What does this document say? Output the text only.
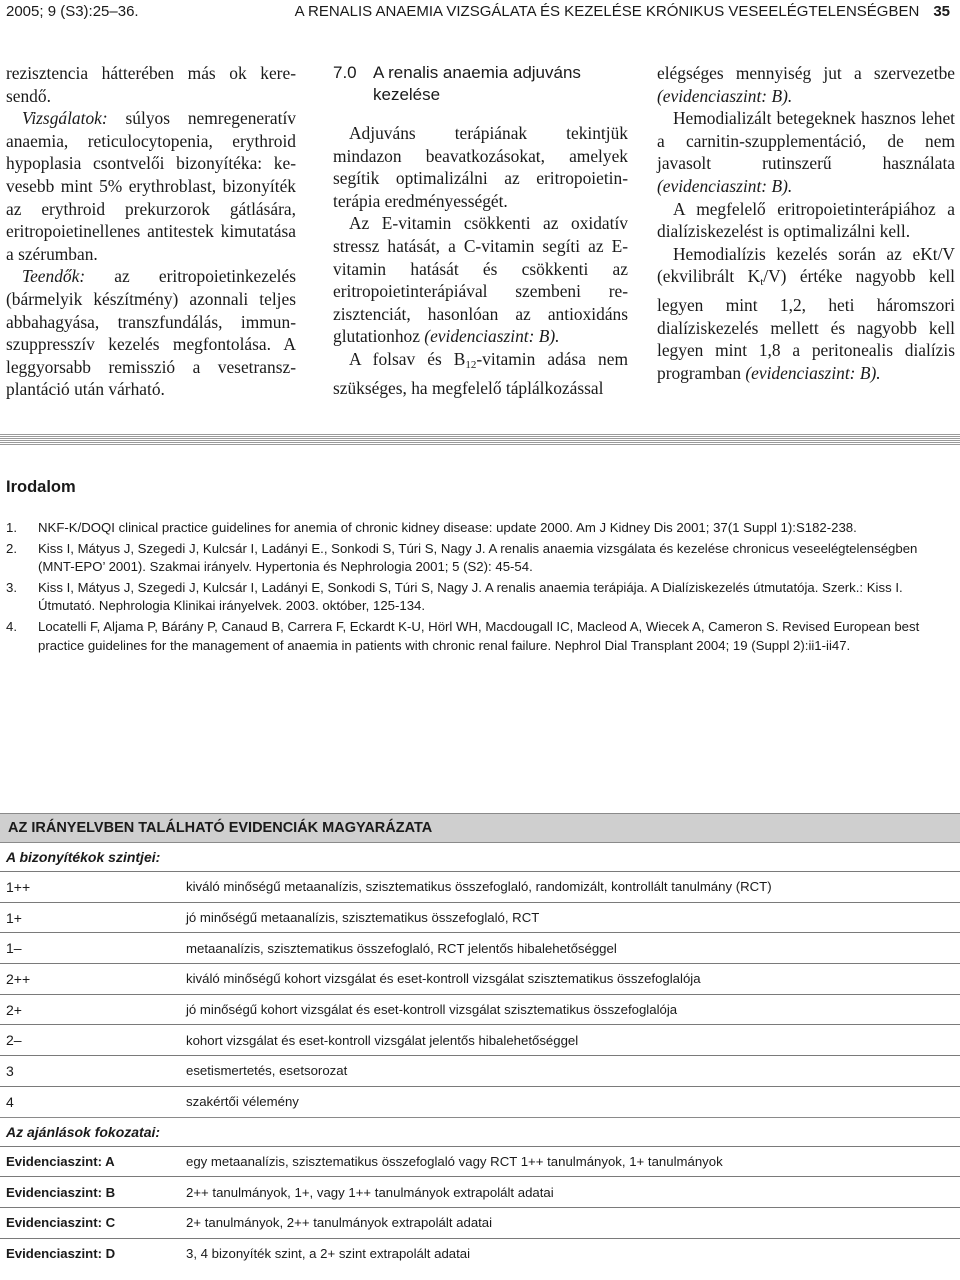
2005; 9 (S3):25–36.	A RENALIS ANAEMIA VIZSGÁLATA ÉS KEZELÉSE KRÓNIKUS VESEELÉGTELENSÉGBEN 35

rezisztencia hátterében más ok keresendő.

Vizsgálatok: súlyos nemregeneratív anaemia, reticulocytopenia, erythroid hypoplasia csontvelői bizonyítéka: kevesebb mint 5% erythroblast, bizonyíték az erythroid prekurzorok gátlására, eritropoietinellenes antitestek kimutatása a szérumban.

Teendők: az eritropoietinkezelés (bármelyik készítmény) azonnali teljes abbahagyása, transzfundálás, immunszuppresszív kezelés megfontolása. A leggyorsabb remisszió a vesetranszplantáció után várható.

7.0 A renalis anaemia adjuváns kezelése

Adjuváns terápiának tekintjük mindazon beavatkozásokat, amelyek segítik optimalizálni az eritropoietinterápia eredményességét.

Az E-vitamin csökkenti az oxidatív stressz hatását, a C-vitamin segíti az E-vitamin hatását és csökkenti az eritropoietinterápiával szembeni rezisztenciát, hasonlóan az antioxidáns glutationhoz (evidenciaszint: B).

A folsav és $B_{12}$-vitamin adása nem szükséges, ha megfelelő táplálkozással

elégséges mennyiség jut a szervezetbe (evidenciaszint: B).

Hemodializált betegeknek hasznos lehet a carnitin-szupplementáció, de nem javasolt rutinszerű használata (evidenciaszint: B).

A megfelelő eritropoietinterápiához a dialíziskezelést is optimalizálni kell.

Hemodialízis kezelés során az eKt/V (ekvilibrált $K_t/V$) értéke nagyobb kell legyen mint 1,2, heti háromszori dialíziskezelés mellett és nagyobb kell legyen mint 1,8 a peritonealis dialízis programban (evidenciaszint: B).

Irodalom
1. NKF-K/DOQI clinical practice guidelines for anemia of chronic kidney disease: update 2000. Am J Kidney Dis 2001; 37(1 Suppl 1):S182-238.
2. Kiss I, Mátyus J, Szegedi J, Kulcsár I, Ladányi E., Sonkodi S, Túri S, Nagy J. A renalis anaemia vizsgálata és kezelése chronicus veseelégtelenségben (MNT-EPO’ 2001). Szakmai irányelv. Hypertonia és Nephrologia 2001; 5 (S2): 45-54.
3. Kiss I, Mátyus J, Szegedi J, Kulcsár I, Ladányi E, Sonkodi S, Túri S, Nagy J. A renalis anaemia terápiája. A Dialíziskezelés útmutatója. Szerk.: Kiss I. Útmutató. Nephrologia Klinikai irányelvek. 2003. október, 125-134.
4. Locatelli F, Aljama P, Bárány P, Canaud B, Carrera F, Eckardt K-U, Hörl WH, Macdougall IC, Macleod A, Wiecek A, Cameron S. Revised European best practice guidelines for the management of anaemia in patients with chronic renal failure. Nephrol Dial Transplant 2004; 19 (Suppl 2):ii1-ii47.
AZ IRÁNYELVBEN TALÁLHATÓ EVIDENCIÁK MAGYARÁZATA
A bizonyítékok szintjei:
1++	kiváló minőségű metaanalízis, szisztematikus összefoglaló, randomizált, kontrollált tanulmány (RCT)
1+	jó minőségű metaanalízis, szisztematikus összefoglaló, RCT
1–	metaanalízis, szisztematikus összefoglaló, RCT jelentős hibalehetőséggel
2++	kiváló minőségű kohort vizsgálat és eset-kontroll vizsgálat szisztematikus összefoglalója
2+	jó minőségű kohort vizsgálat és eset-kontroll vizsgálat szisztematikus összefoglalója
2–	kohort vizsgálat és eset-kontroll vizsgálat jelentős hibalehetőséggel
3	esetismertetés, esetsorozat
4	szakértői vélemény
Az ajánlások fokozatai:
Evidenciaszint: A	egy metaanalízis, szisztematikus összefoglaló vagy RCT 1++ tanulmányok, 1+ tanulmányok
Evidenciaszint: B	2++ tanulmányok, 1+, vagy 1++ tanulmányok extrapolált adatai
Evidenciaszint: C	2+ tanulmányok, 2++ tanulmányok extrapolált adatai
Evidenciaszint: D	3, 4 bizonyíték szint, a 2+ szint extrapolált adatai
